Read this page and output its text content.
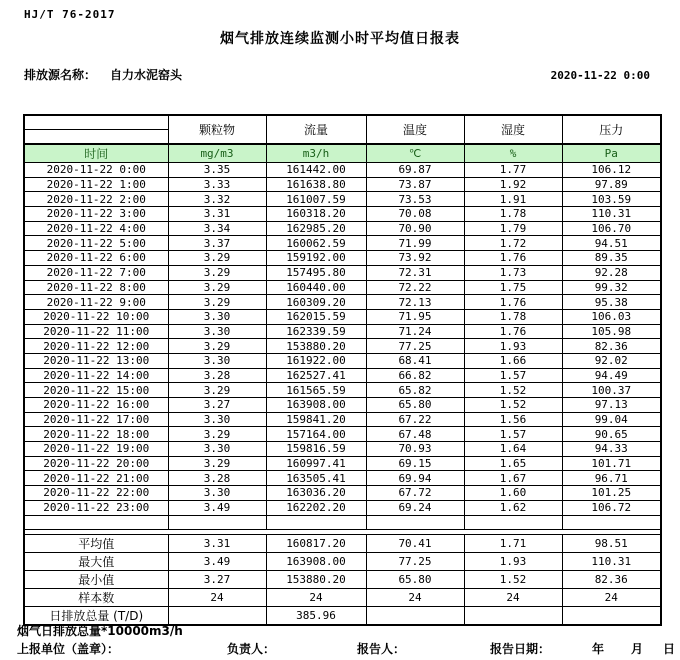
HJ/T 76-2017
烟气排放连续监测小时平均值日报表
排放源名称： 自力水泥窑头	2020-11-22 0:00
	颗粒物	流量	温度	湿度	压力

时间	mg/m3	m3/h	℃	%	Pa
2020-11-22 0:00	3.35	161442.00	69.87	1.77	106.12
2020-11-22 1:00	3.33	161638.80	73.87	1.92	97.89
2020-11-22 2:00	3.32	161007.59	73.53	1.91	103.59
2020-11-22 3:00	3.31	160318.20	70.08	1.78	110.31
2020-11-22 4:00	3.34	162985.20	70.90	1.79	106.70
2020-11-22 5:00	3.37	160062.59	71.99	1.72	94.51
2020-11-22 6:00	3.29	159192.00	73.92	1.76	89.35
2020-11-22 7:00	3.29	157495.80	72.31	1.73	92.28
2020-11-22 8:00	3.29	160440.00	72.22	1.75	99.32
2020-11-22 9:00	3.29	160309.20	72.13	1.76	95.38
2020-11-22 10:00	3.30	162015.59	71.95	1.78	106.03
2020-11-22 11:00	3.30	162339.59	71.24	1.76	105.98
2020-11-22 12:00	3.29	153880.20	77.25	1.93	82.36
2020-11-22 13:00	3.30	161922.00	68.41	1.66	92.02
2020-11-22 14:00	3.28	162527.41	66.82	1.57	94.49
2020-11-22 15:00	3.29	161565.59	65.82	1.52	100.37
2020-11-22 16:00	3.27	163908.00	65.80	1.52	97.13
2020-11-22 17:00	3.30	159841.20	67.22	1.56	99.04
2020-11-22 18:00	3.29	157164.00	67.48	1.57	90.65
2020-11-22 19:00	3.30	159816.59	70.93	1.64	94.33
2020-11-22 20:00	3.29	160997.41	69.15	1.65	101.71
2020-11-22 21:00	3.28	163505.41	69.94	1.67	96.71
2020-11-22 22:00	3.30	163036.20	67.72	1.60	101.25
2020-11-22 23:00	3.49	162202.20	69.24	1.62	106.72

平均值	3.31	160817.20	70.41	1.71	98.51
最大值	3.49	163908.00	77.25	1.93	110.31
最小值	3.27	153880.20	65.80	1.52	82.36
样本数	24	24	24	24	24
日排放总量 (T/D)		385.96			
烟气日排放总量*10000m3/h
上报单位（盖章）：	负责人：	报告人：	报告日期：	年 月 日
